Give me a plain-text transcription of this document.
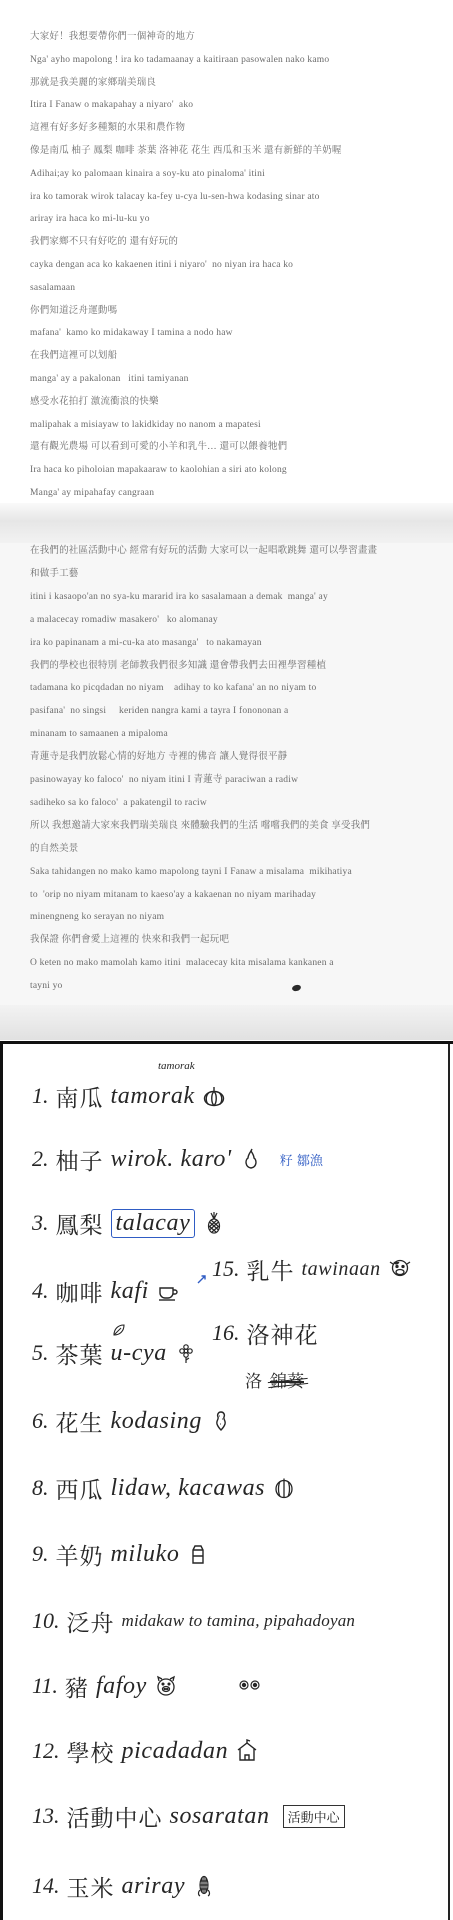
大家好！我想要帶你們一個神奇的地方
Nga' ayho mapolong ! ira ko tadamaanay a kaitiraan pasowalen nako kamo
那就是我美麗的家鄉瑞美瑞良
Itira I Fanaw o makapahay a niyaro'  ako
這裡有好多好多種類的水果和農作物
像是南瓜 柚子 鳳梨 咖啡 茶葉 洛神花 花生 西瓜和玉米 還有新鮮的羊奶喔
Adihai;ay ko palomaan kinaira a soy-ku ato pinaloma' itini
ira ko tamorak wirok talacay ka-fey u-cya lu-sen-hwa kodasing sinar ato
ariray ira haca ko mi-lu-ku yo
我們家鄉不只有好吃的 還有好玩的
cayka dengan aca ko kakaenen itini i niyaro'  no niyan ira haca ko
sasalamaan
你們知道泛舟運動嗎
mafana'  kamo ko midakaway I tamina a nodo haw
在我們這裡可以划船
manga' ay a pakalonan   itini tamiyanan
感受水花拍打 激流衝浪的快樂
malipahak a misiayaw to lakidkiday no nanom a mapatesi
還有觀光農場 可以看到可愛的小羊和乳牛… 還可以餵養牠們
Ira haca ko piholoian mapakaaraw to kaolohian a siri ato kolong
Manga' ay mipahafay cangraan
在我們的社區活動中心 經常有好玩的活動 大家可以一起唱歌跳舞 還可以學習畫畫
和做手工藝
itini i kasaopo'an no sya-ku mararid ira ko sasalamaan a demak  manga' ay
a malacecay romadiw masakero'   ko alomanay
ira ko papinanam a mi-cu-ka ato masanga'   to nakamayan
我們的學校也很特別 老師教我們很多知識 還會帶我們去田裡學習種植
tadamana ko picqdadan no niyam    adihay to ko kafana' an no niyam to
pasifana'  no singsi     keriden nangra kami a tayra I fonononan a
minanam to samaanen a mipaloma
青蓮寺是我們放鬆心情的好地方 寺裡的佛音 讓人覺得很平靜
pasinowayay ko faloco'  no niyam itini I 青蓮寺 paraciwan a radiw
sadiheko sa ko faloco'  a pakatengil to raciw
所以 我想邀請大家來我們瑞美瑞良 來體驗我們的生活 嚐嚐我們的美食 享受我們
的自然美景
Saka tahidangen no mako kamo mapolong tayni I Fanaw a misalama  mikihatiya
to  'orip no niyam mitanam to kaeso'ay a kakaenan no niyam marihaday
minengneng ko serayan no niyam
我保證 你們會愛上這裡的 快來和我們一起玩吧
O keten no mako mamolah kamo itini  malacecay kita misalama kankanen a
tayni yo
tamorak
1. 南瓜 tamorak
2. 柚子 wirok. karo'	籽 鄒漁
3. 鳳梨 talacay
4. 咖啡 kafi
15. 乳牛 tawinaan
5. 茶葉 u-cya
16. 洛神花
洛 錦葵
6. 花生 kodasing
8. 西瓜 lidaw, kacawas
9. 羊奶 miluko
10. 泛舟 midakaw to tamina, pipahadoyan
11. 豬 fafoy
12. 學校 picadadan
13. 活動中心 sosaratan	活動中心
14. 玉米 ariray
